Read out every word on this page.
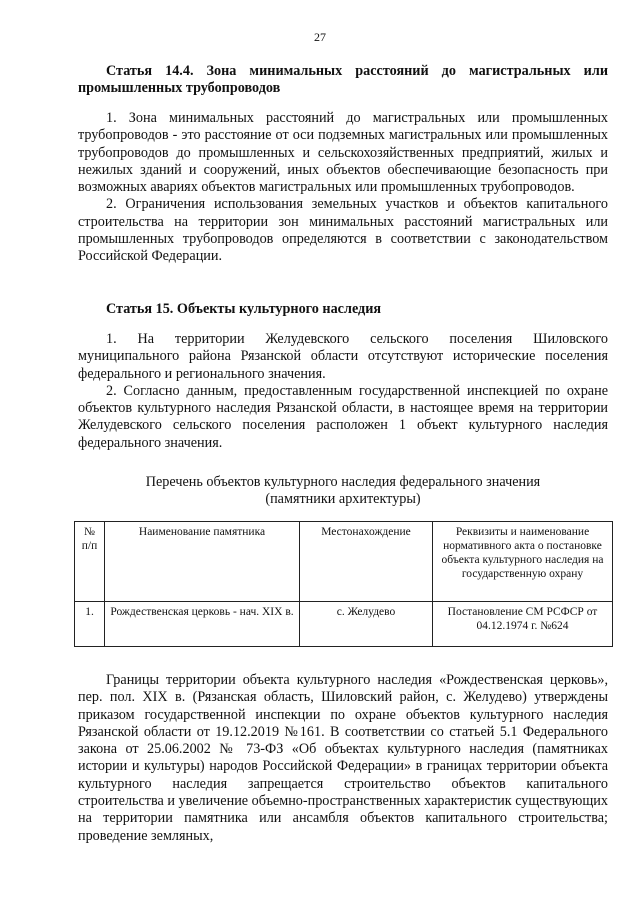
27

Статья 14.4. Зона минимальных расстояний до магистральных или промышленных трубопроводов

1. Зона минимальных расстояний до магистральных или промышленных трубопроводов - это расстояние от оси подземных магистральных или промышленных трубопроводов до промышленных и сельскохозяйственных предприятий, жилых и нежилых зданий и сооружений, иных объектов обеспечивающие безопасность при возможных авариях объектов магистральных или промышленных трубопроводов.

2. Ограничения использования земельных участков и объектов капитального строительства на территории зон минимальных расстояний магистральных или промышленных трубопроводов определяются в соответствии с законодательством Российской Федерации.

Статья 15. Объекты культурного наследия

1. На территории Желудевского сельского поселения Шиловского муниципального района Рязанской области отсутствуют исторические поселения федерального и регионального значения.

2. Согласно данным, предоставленным государственной инспекцией по охране объектов культурного наследия Рязанской области, в настоящее время на территории Желудевского сельского поселения расположен 1 объект культурного наследия федерального значения.

Перечень объектов культурного наследия федерального значения
(памятники архитектуры)
№ п/п	Наименование памятника	Местонахождение	Реквизиты и наименование нормативного акта о постановке объекта культурного наследия на государственную охрану
1.	Рождественская церковь - нач. XIX в.	с. Желудево	Постановление СМ РСФСР от 04.12.1974 г. №624

Границы территории объекта культурного наследия «Рождественская церковь», пер. пол. XIX в. (Рязанская область, Шиловский район, с. Желудево) утверждены приказом государственной инспекции по охране объектов культурного наследия Рязанской области от 19.12.2019 №161. В соответствии со статьей 5.1 Федерального закона от 25.06.2002 № 73-ФЗ «Об объектах культурного наследия (памятниках истории и культуры) народов Российской Федерации» в границах территории объекта культурного наследия запрещается строительство объектов капитального строительства и увеличение объемно-пространственных характеристик существующих на территории памятника или ансамбля объектов капитального строительства; проведение земляных,
